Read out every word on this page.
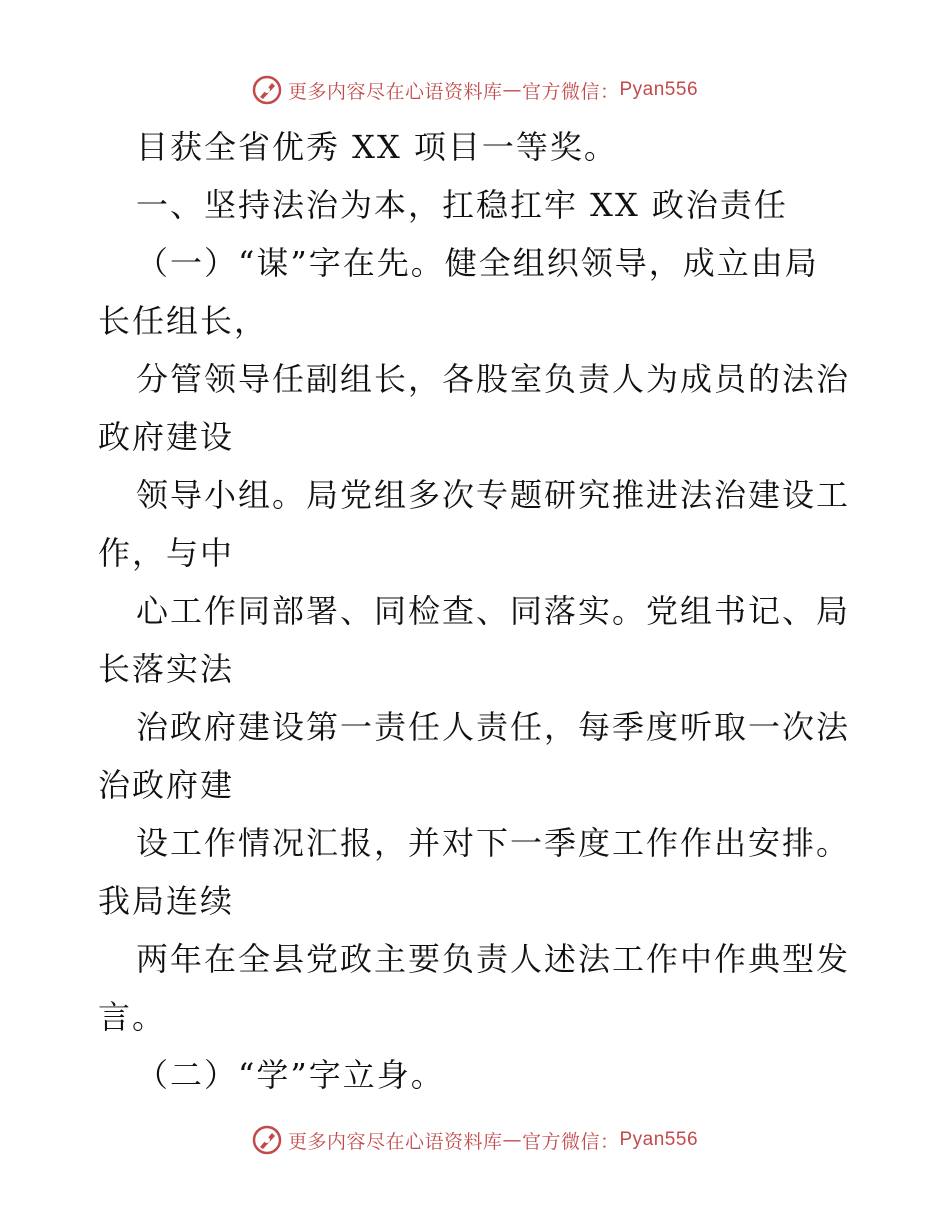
更多内容尽在心语资料库 — 官方微信： Pyan556
目获全省优秀 XX 项目一等奖。
一、坚持法治为本，扛稳扛牢 XX 政治责任
（一）“谋”字在先。健全组织领导，成立由局
长任组长，
分管领导任副组长，各股室负责人为成员的法治
政府建设
领导小组。局党组多次专题研究推进法治建设工
作，与中
心工作同部署、同检查、同落实。党组书记、局
长落实法
治政府建设第一责任人责任，每季度听取一次法
治政府建
设工作情况汇报，并对下一季度工作作出安排。
我局连续
两年在全县党政主要负责人述法工作中作典型发
言。
（二）“学”字立身。
更多内容尽在心语资料库 — 官方微信： Pyan556
